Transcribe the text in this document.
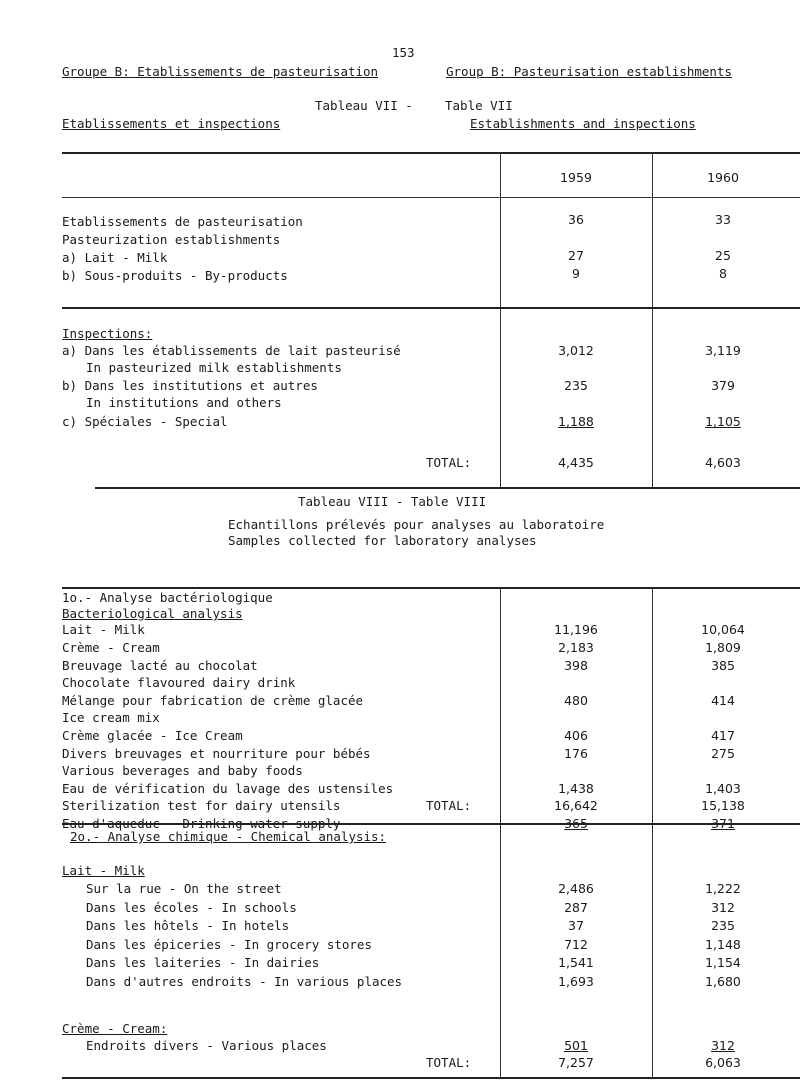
153
Groupe B: Etablissements de pasteurisation	Group B: Pasteurisation establishments
Tableau VII -	Table VII
Etablissements et inspections	Establishments and inspections
1959	1960
Etablissements de pasteurisation
Pasteurization establishments
36	33
a) Lait - Milk	27	25
b) Sous-produits - By-products	9	8
Inspections:
a) Dans les établissements de lait pasteurisé
In pasteurized milk establishments
3,012	3,119
b) Dans les institutions et autres
In institutions and others
235	379
c) Spéciales - Special	1,188	1,105
TOTAL:	4,435	4,603
Tableau VIII - Table VIII
Echantillons prélevés pour analyses au laboratoire
Samples collected for laboratory analyses
1o.- Analyse bactériologique
Bacteriological analysis
Lait - Milk	11,196	10,064
Crème - Cream	2,183	1,809
Breuvage lacté au chocolat	398	385
Chocolate flavoured dairy drink
Mélange pour fabrication de crème glacée	480	414
Ice cream mix
Crème glacée - Ice Cream	406	417
Divers breuvages et nourriture pour bébés	176	275
Various beverages and baby foods
Eau de vérification du lavage des ustensiles	1,438	1,403
Sterilization test for dairy utensils
Eau d'aqueduc - Drinking water supply	365	371
TOTAL:	16,642	15,138
2o.- Analyse chimique - Chemical analysis:
Lait - Milk
Sur la rue - On the street	2,486	1,222
Dans les écoles - In schools	287	312
Dans les hôtels - In hotels	37	235
Dans les épiceries - In grocery stores	712	1,148
Dans les laiteries - In dairies	1,541	1,154
Dans d'autres endroits - In various places	1,693	1,680
Crème - Cream:
Endroits divers - Various places	501	312
TOTAL:	7,257	6,063
